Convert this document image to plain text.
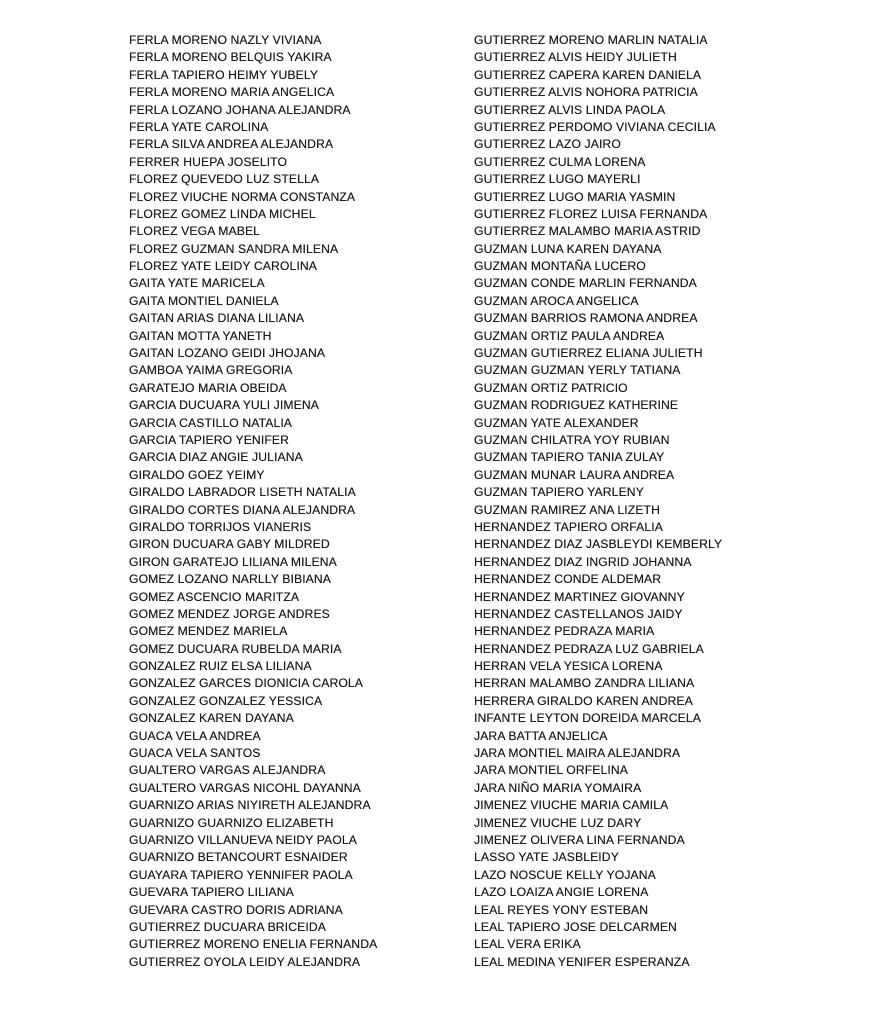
FERLA MORENO NAZLY VIVIANA
FERLA MORENO BELQUIS YAKIRA
FERLA TAPIERO HEIMY YUBELY
FERLA MORENO MARIA ANGELICA
FERLA LOZANO JOHANA ALEJANDRA
FERLA YATE CAROLINA
FERLA SILVA ANDREA ALEJANDRA
FERRER HUEPA JOSELITO
FLOREZ QUEVEDO LUZ STELLA
FLOREZ VIUCHE NORMA CONSTANZA
FLOREZ GOMEZ LINDA MICHEL
FLOREZ VEGA MABEL
FLOREZ GUZMAN SANDRA MILENA
FLOREZ YATE LEIDY CAROLINA
GAITA YATE MARICELA
GAITA MONTIEL DANIELA
GAITAN ARIAS DIANA LILIANA
GAITAN MOTTA YANETH
GAITAN LOZANO GEIDI JHOJANA
GAMBOA YAIMA GREGORIA
GARATEJO MARIA OBEIDA
GARCIA DUCUARA YULI JIMENA
GARCIA CASTILLO NATALIA
GARCIA TAPIERO YENIFER
GARCIA DIAZ ANGIE JULIANA
GIRALDO GOEZ YEIMY
GIRALDO LABRADOR LISETH NATALIA
GIRALDO CORTES DIANA ALEJANDRA
GIRALDO TORRIJOS VIANERIS
GIRON DUCUARA GABY MILDRED
GIRON GARATEJO LILIANA MILENA
GOMEZ LOZANO NARLLY BIBIANA
GOMEZ ASCENCIO MARITZA
GOMEZ MENDEZ JORGE ANDRES
GOMEZ MENDEZ MARIELA
GOMEZ DUCUARA RUBELDA MARIA
GONZALEZ RUIZ ELSA LILIANA
GONZALEZ GARCES DIONICIA CAROLA
GONZALEZ GONZALEZ YESSICA
GONZALEZ KAREN DAYANA
GUACA VELA ANDREA
GUACA VELA SANTOS
GUALTERO VARGAS ALEJANDRA
GUALTERO VARGAS NICOHL DAYANNA
GUARNIZO ARIAS NIYIRETH ALEJANDRA
GUARNIZO GUARNIZO ELIZABETH
GUARNIZO VILLANUEVA NEIDY PAOLA
GUARNIZO BETANCOURT ESNAIDER
GUAYARA TAPIERO YENNIFER PAOLA
GUEVARA TAPIERO LILIANA
GUEVARA CASTRO DORIS ADRIANA
GUTIERREZ DUCUARA BRICEIDA
GUTIERREZ MORENO ENELIA FERNANDA
GUTIERREZ OYOLA LEIDY ALEJANDRA
GUTIERREZ MORENO MARLIN NATALIA
GUTIERREZ ALVIS HEIDY JULIETH
GUTIERREZ CAPERA KAREN DANIELA
GUTIERREZ ALVIS NOHORA PATRICIA
GUTIERREZ ALVIS LINDA PAOLA
GUTIERREZ PERDOMO VIVIANA CECILIA
GUTIERREZ LAZO JAIRO
GUTIERREZ CULMA LORENA
GUTIERREZ LUGO MAYERLI
GUTIERREZ LUGO MARIA YASMIN
GUTIERREZ FLOREZ LUISA FERNANDA
GUTIERREZ MALAMBO MARIA ASTRID
GUZMAN LUNA KAREN DAYANA
GUZMAN MONTAÑA LUCERO
GUZMAN CONDE MARLIN FERNANDA
GUZMAN AROCA ANGELICA
GUZMAN BARRIOS RAMONA ANDREA
GUZMAN ORTIZ PAULA ANDREA
GUZMAN GUTIERREZ ELIANA JULIETH
GUZMAN GUZMAN YERLY TATIANA
GUZMAN ORTIZ PATRICIO
GUZMAN RODRIGUEZ KATHERINE
GUZMAN YATE ALEXANDER
GUZMAN CHILATRA YOY RUBIAN
GUZMAN TAPIERO TANIA ZULAY
GUZMAN MUNAR LAURA ANDREA
GUZMAN TAPIERO YARLENY
GUZMAN RAMIREZ ANA LIZETH
HERNANDEZ TAPIERO ORFALIA
HERNANDEZ DIAZ JASBLEYDI KEMBERLY
HERNANDEZ DIAZ INGRID JOHANNA
HERNANDEZ CONDE ALDEMAR
HERNANDEZ MARTINEZ GIOVANNY
HERNANDEZ CASTELLANOS JAIDY
HERNANDEZ PEDRAZA MARIA
HERNANDEZ PEDRAZA LUZ GABRIELA
HERRAN VELA YESICA LORENA
HERRAN MALAMBO ZANDRA LILIANA
HERRERA GIRALDO KAREN ANDREA
INFANTE LEYTON DOREIDA MARCELA
JARA BATTA ANJELICA
JARA MONTIEL MAIRA ALEJANDRA
JARA MONTIEL ORFELINA
JARA NIÑO MARIA YOMAIRA
JIMENEZ VIUCHE MARIA CAMILA
JIMENEZ VIUCHE LUZ DARY
JIMENEZ OLIVERA LINA FERNANDA
LASSO YATE JASBLEIDY
LAZO NOSCUE KELLY YOJANA
LAZO LOAIZA ANGIE LORENA
LEAL REYES YONY ESTEBAN
LEAL TAPIERO JOSE DELCARMEN
LEAL VERA ERIKA
LEAL MEDINA YENIFER ESPERANZA
